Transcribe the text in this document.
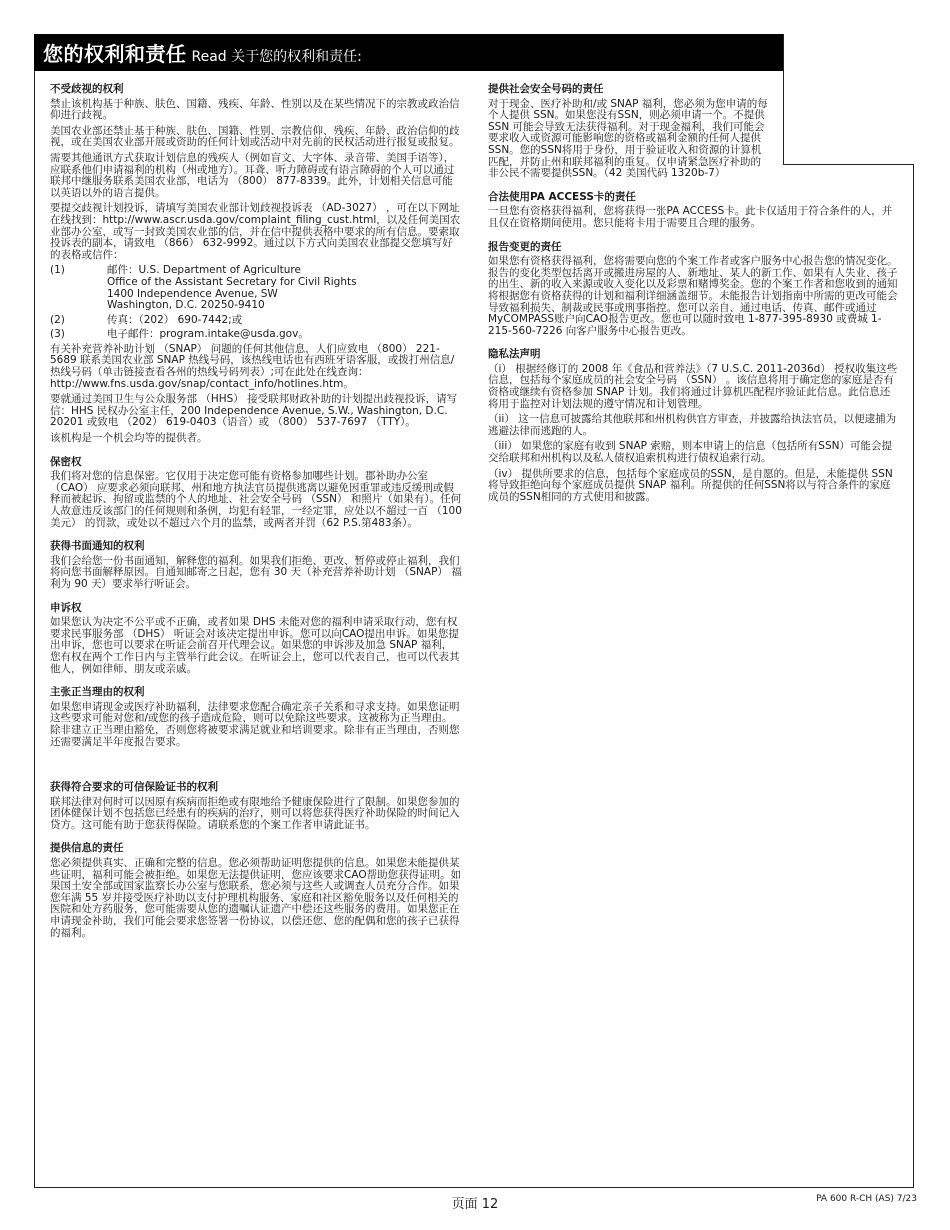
您的权利和责任 Read 关于您的权利和责任:
不受歧视的权利
禁止该机构基于种族、肤色、国籍、残疾、年龄、性别以及在某些情况下的宗教或政治信仰进行歧视。
美国农业部还禁止基于种族、肤色、国籍、性别、宗教信仰、残疾、年龄、政治信仰的歧视，或在美国农业部开展或资助的任何计划或活动中对先前的民权活动进行报复或报复。
需要其他通讯方式获取计划信息的残疾人（例如盲文、大字体、录音带、美国手语等），应联系他们申请福利的机构（州或地方）。耳聋、听力障碍或有语言障碍的个人可以通过联邦中继服务联系美国农业部，电话为 （800） 877-8339。此外，计划相关信息可能以英语以外的语言提供。
要提交歧视计划投诉，请填写美国农业部计划歧视投诉表 （AD-3027） ，可在以下网址在线找到：http://www.ascr.usda.gov/complaint_filing_cust.html，以及任何美国农业部办公室，或写一封致美国农业部的信，并在信中提供表格中要求的所有信息。要索取投诉表的副本，请致电 （866） 632-9992。通过以下方式向美国农业部提交您填写好的表格或信件：
(1)	邮件：U.S. Department of Agriculture
Office of the Assistant Secretary for Civil Rights
1400 Independence Avenue, SW
Washington, D.C. 20250-9410
(2)	传真：（202） 690-7442;或
(3)	电子邮件：program.intake@usda.gov。
有关补充营养补助计划 （SNAP） 问题的任何其他信息，人们应致电 （800） 221-5689 联系美国农业部 SNAP 热线号码，该热线电话也有西班牙语客服，或拨打州信息/热线号码（单击链接查看各州的热线号码列表）;可在此处在线查询：http://www.fns.usda.gov/snap/contact_info/hotlines.htm。
要就通过美国卫生与公众服务部 （HHS） 接受联邦财政补助的计划提出歧视投诉，请写信：HHS 民权办公室主任，200 Independence Avenue, S.W., Washington, D.C. 20201 或致电 （202） 619-0403（语音）或 （800） 537-7697 （TTY）。
该机构是一个机会均等的提供者。
保密权
我们将对您的信息保密。它仅用于决定您可能有资格参加哪些计划。郡补助办公室 （CAO） 应要求必须向联邦、州和地方执法官员提供逃离以避免因重罪或违反缓刑或假释而被起诉、拘留或监禁的个人的地址、社会安全号码 （SSN） 和照片（如果有）。任何人故意违反该部门的任何规则和条例，均犯有轻罪，一经定罪，应处以不超过一百 （100美元） 的罚款，或处以不超过六个月的监禁，或两者并罚（62 P.S.第483条）。
获得书面通知的权利
我们会给您一份书面通知，解释您的福利。如果我们拒绝、更改、暂停或停止福利，我们将向您书面解释原因。自通知邮寄之日起，您有 30 天（补充营养补助计划 （SNAP） 福利为 90 天）要求举行听证会。
申诉权
如果您认为决定不公平或不正确，或者如果 DHS 未能对您的福利申请采取行动，您有权要求民事服务部 （DHS） 听证会对该决定提出申诉。您可以向CAO提出申诉。如果您提出申诉，您也可以要求在听证会前召开代理会议。如果您的申诉涉及加急 SNAP 福利，您有权在两个工作日内与主管举行此会议。在听证会上，您可以代表自己，也可以代表其他人，例如律师、朋友或亲戚。
主张正当理由的权利
如果您申请现金或医疗补助福利，法律要求您配合确定亲子关系和寻求支持。如果您证明这些要求可能对您和/或您的孩子造成危险，则可以免除这些要求。这被称为正当理由。除非建立正当理由豁免，否则您将被要求满足就业和培训要求。除非有正当理由，否则您还需要满足半年度报告要求。
获得符合要求的可信保险证书的权利
联邦法律对何时可以因原有疾病而拒绝或有限地给予健康保险进行了限制。如果您参加的团体健保计划不包括您已经患有的疾病的治疗，则可以将您获得医疗补助保险的时间记入贷方。这可能有助于您获得保险。请联系您的个案工作者申请此证书。
提供信息的责任
您必须提供真实、正确和完整的信息。您必须帮助证明您提供的信息。如果您未能提供某些证明，福利可能会被拒绝。如果您无法提供证明，您应该要求CAO帮助您获得证明。如果国土安全部或国家监察长办公室与您联系，您必须与这些人或调查人员充分合作。如果您年满 55 岁并接受医疗补助以支付护理机构服务、家庭和社区豁免服务以及任何相关的医院和处方药服务，您可能需要从您的遗嘱认证遗产中偿还这些服务的费用。如果您正在申请现金补助，我们可能会要求您签署一份协议，以偿还您、您的配偶和您的孩子已获得的福利。
提供社会安全号码的责任
对于现金、医疗补助和/或 SNAP 福利，您必须为您申请的每个人提供 SSN。如果您没有SSN，则必须申请一个。不提供 SSN 可能会导致无法获得福利。对于现金福利，我们可能会要求收入或资源可能影响您的资格或福利金额的任何人提供SSN。您的SSN将用于身份，用于验证收入和资源的计算机匹配，并防止州和联邦福利的重复。仅申请紧急医疗补助的非公民不需要提供SSN。（42 美国代码 1320b-7）
合法使用PA ACCESS卡的责任
一旦您有资格获得福利，您将获得一张PA ACCESS卡。此卡仅适用于符合条件的人，并且仅在资格期间使用。您只能将卡用于需要且合理的服务。
报告变更的责任
如果您有资格获得福利，您将需要向您的个案工作者或客户服务中心报告您的情况变化。报告的变化类型包括离开或搬进房屋的人、新地址、某人的新工作、如果有人失业、孩子的出生、新的收入来源或收入变化以及彩票和赌博奖金。您的个案工作者和您收到的通知将根据您有资格获得的计划和福利详细涵盖细节。未能报告计划指南中所需的更改可能会导致福利损失、制裁或民事或刑事指控。您可以亲自、通过电话、传真、邮件或通过 MyCOMPASS账户向CAO报告更改。您也可以随时致电 1-877-395-8930 或费城 1-215-560-7226 向客户服务中心报告更改。
隐私法声明
（i） 根据经修订的 2008 年《食品和营养法》（7 U.S.C. 2011-2036d） 授权收集这些信息，包括每个家庭成员的社会安全号码 （SSN） 。该信息将用于确定您的家庭是否有资格或继续有资格参加 SNAP 计划。我们将通过计算机匹配程序验证此信息。此信息还将用于监控对计划法规的遵守情况和计划管理。
（ii） 这一信息可披露给其他联邦和州机构供官方审查，并披露给执法官员，以便逮捕为逃避法律而逃跑的人。
（iii） 如果您的家庭有收到 SNAP 索赔，则本申请上的信息（包括所有SSN）可能会提交给联邦和州机构以及私人债权追索机构进行债权追索行动。
（iv） 提供所要求的信息，包括每个家庭成员的SSN，是自愿的。但是，未能提供 SSN 将导致拒绝向每个家庭成员提供 SNAP 福利。所提供的任何SSN将以与符合条件的家庭成员的SSN相同的方式使用和披露。
页面 12	PA 600 R-CH (AS) 7/23
